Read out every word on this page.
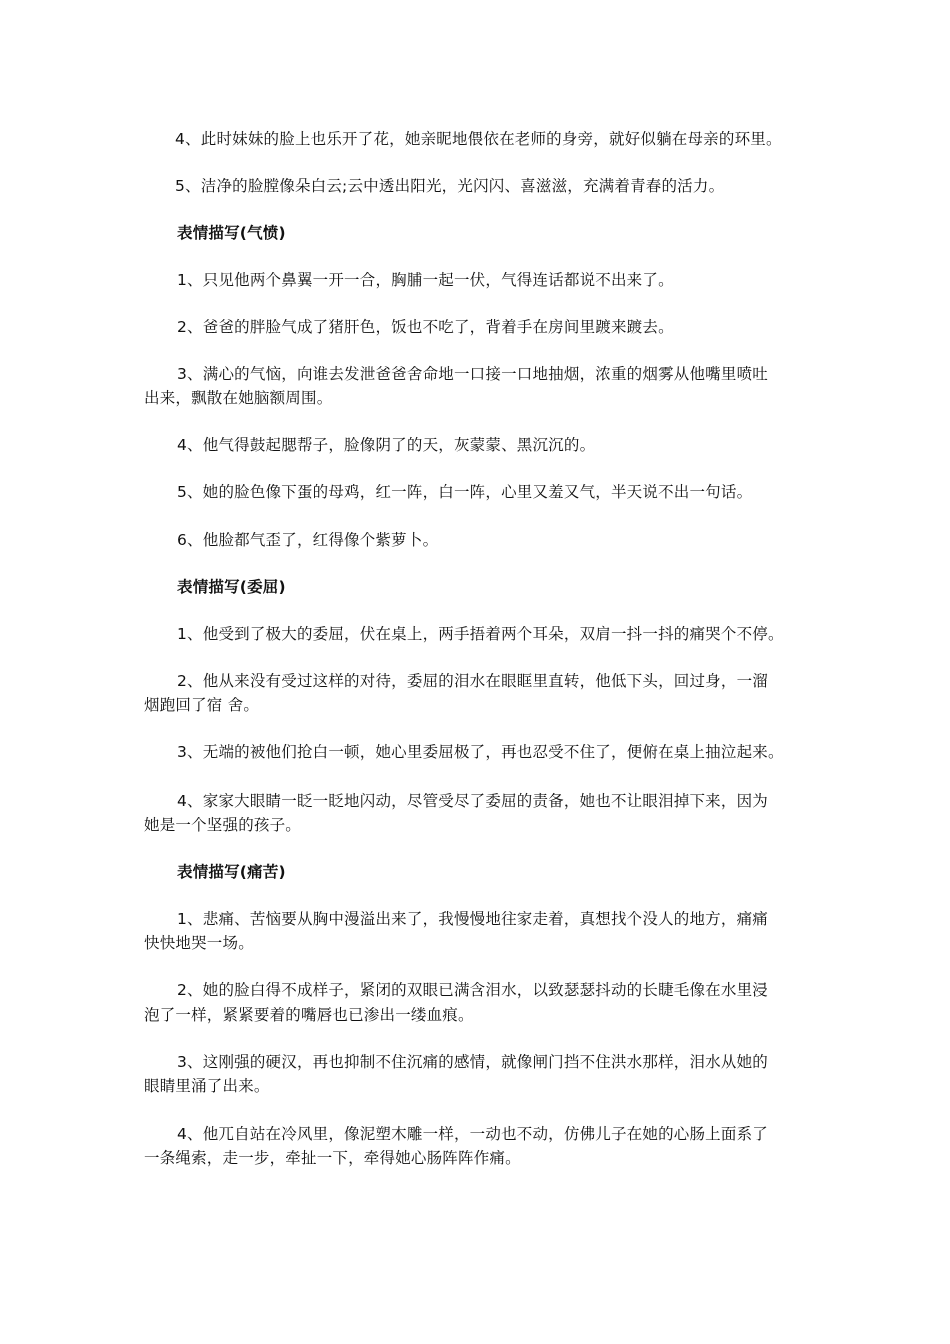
4、此时妹妹的脸上也乐开了花，她亲昵地偎依在老师的身旁，就好似躺在母亲的环里。
5、洁净的脸膛像朵白云;云中透出阳光，光闪闪、喜滋滋，充满着青春的活力。
表情描写(气愤)
1、只见他两个鼻翼一开一合，胸脯一起一伏，气得连话都说不出来了。
2、爸爸的胖脸气成了猪肝色，饭也不吃了，背着手在房间里踱来踱去。
3、满心的气恼，向谁去发泄爸爸舍命地一口接一口地抽烟，浓重的烟雾从他嘴里喷吐
出来，飘散在她脑额周围。
4、他气得鼓起腮帮子，脸像阴了的天，灰蒙蒙、黑沉沉的。
5、她的脸色像下蛋的母鸡，红一阵，白一阵，心里又羞又气，半天说不出一句话。
6、他脸都气歪了，红得像个紫萝卜。
表情描写(委屈)
1、他受到了极大的委屈，伏在桌上，两手捂着两个耳朵，双肩一抖一抖的痛哭个不停。
2、他从来没有受过这样的对待，委屈的泪水在眼眶里直转，他低下头，回过身，一溜
烟跑回了宿 舍。
3、无端的被他们抢白一顿，她心里委屈极了，再也忍受不住了，便俯在桌上抽泣起来。
4、家家大眼睛一眨一眨地闪动，尽管受尽了委屈的责备，她也不让眼泪掉下来，因为
她是一个坚强的孩子。
表情描写(痛苦)
1、悲痛、苦恼要从胸中漫溢出来了，我慢慢地往家走着，真想找个没人的地方，痛痛
快快地哭一场。
2、她的脸白得不成样子，紧闭的双眼已满含泪水，以致瑟瑟抖动的长睫毛像在水里浸
泡了一样，紧紧要着的嘴唇也已渗出一缕血痕。
3、这刚强的硬汉，再也抑制不住沉痛的感情，就像闸门挡不住洪水那样，泪水从她的
眼睛里涌了出来。
4、他兀自站在冷风里，像泥塑木雕一样，一动也不动，仿佛儿子在她的心肠上面系了
一条绳索，走一步，牵扯一下，牵得她心肠阵阵作痛。
